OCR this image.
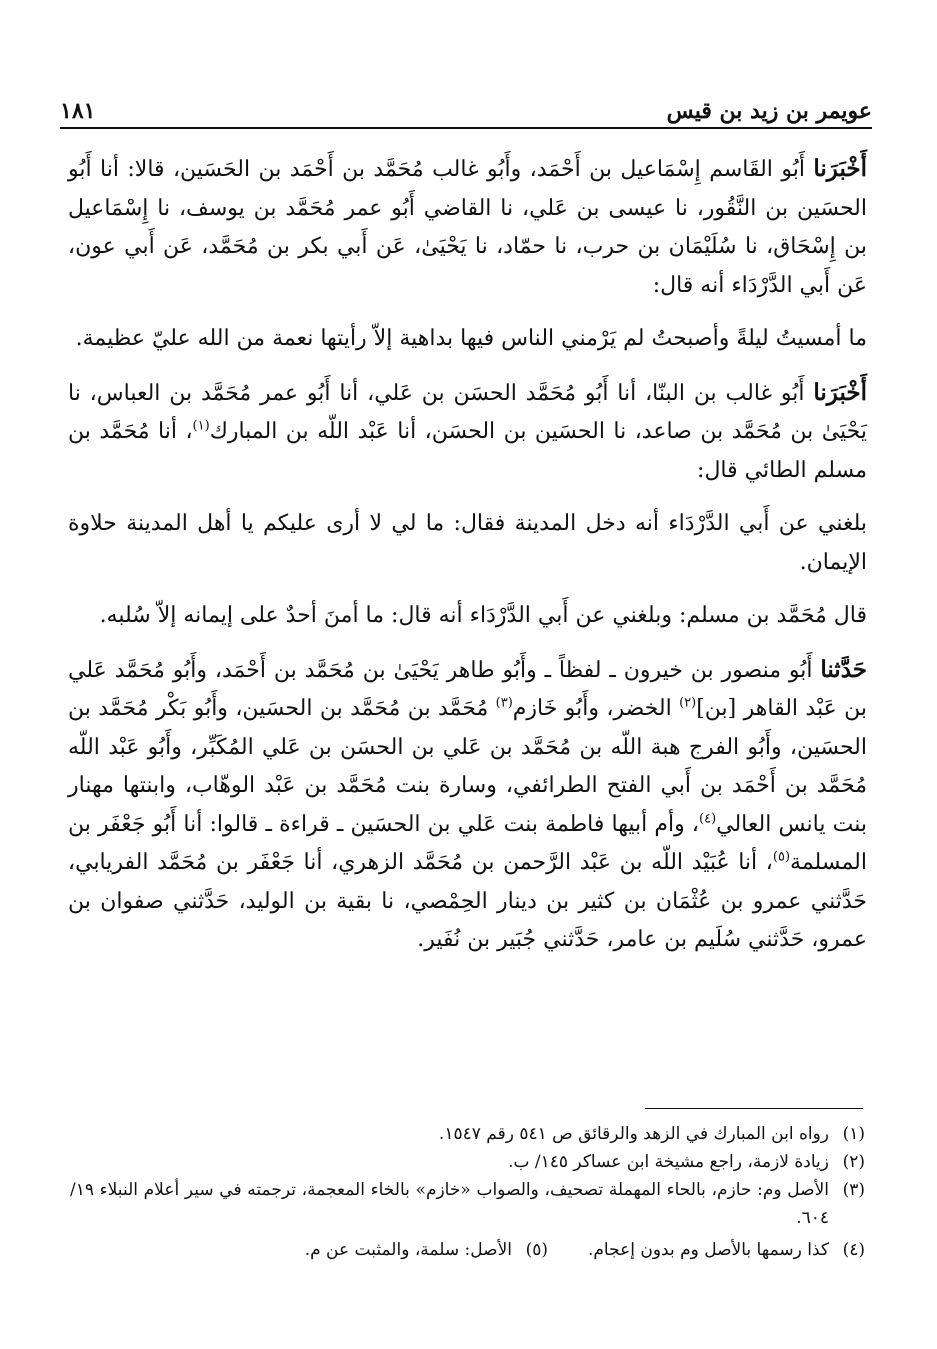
عويمر بن زيد بن قيس
١٨١

أَخْبَرَنا أَبُو القَاسم إِسْمَاعيل بن أَحْمَد، وأَبُو غالب مُحَمَّد بن أَحْمَد بن الحَسَين، قالا: أنا أَبُو الحسَين بن النَّقُور، نا عيسى بن عَلي، نا القاضي أَبُو عمر مُحَمَّد بن يوسف، نا إِسْمَاعيل بن إِسْحَاق، نا سُلَيْمَان بن حرب، نا حمّاد، نا يَحْيَىٰ، عَن أَبي بكر بن مُحَمَّد، عَن أَبي عون، عَن أَبي الدَّرْدَاء أنه قال:

ما أمسيتُ ليلةً وأصبحتُ لم يَرْمني الناس فيها بداهية إلاّ رأيتها نعمة من الله عليّ عظيمة.

أَخْبَرَنا أَبُو غالب بن البنّا، أنا أَبُو مُحَمَّد الحسَن بن عَلي، أنا أَبُو عمر مُحَمَّد بن العباس، نا يَحْيَىٰ بن مُحَمَّد بن صاعد، نا الحسَين بن الحسَن، أنا عَبْد اللّه بن المبارك$^{(١)}$، أنا مُحَمَّد بن مسلم الطائي قال:

بلغني عن أَبي الدَّرْدَاء أنه دخل المدينة فقال: ما لي لا أرى عليكم يا أهل المدينة حلاوة الإيمان.

قال مُحَمَّد بن مسلم: وبلغني عن أَبي الدَّرْدَاء أنه قال: ما أمنَ أحدٌ على إيمانه إلاّ سُلبه.

حَدَّثنا أَبُو منصور بن خيرون ـ لفظاً ـ وأَبُو طاهر يَحْيَىٰ بن مُحَمَّد بن أَحْمَد، وأَبُو مُحَمَّد عَلي بن عَبْد القاهر [بن]$^{(٢)}$ الخضر، وأَبُو خَازم$^{(٣)}$ مُحَمَّد بن مُحَمَّد بن الحسَين، وأَبُو بَكْر مُحَمَّد بن الحسَين، وأَبُو الفرج هبة اللّه بن مُحَمَّد بن عَلي بن الحسَن بن عَلي المُكَبِّر، وأَبُو عَبْد اللّه مُحَمَّد بن أَحْمَد بن أَبي الفتح الطرائفي، وسارة بنت مُحَمَّد بن عَبْد الوهّاب، وابنتها مهنار بنت يانس العالي$^{(٤)}$، وأم أبيها فاطمة بنت عَلي بن الحسَين ـ قراءة ـ قالوا: أنا أَبُو جَعْفَر بن المسلمة$^{(٥)}$، أنا عُبَيْد اللّه بن عَبْد الرَّحمن بن مُحَمَّد الزهري، أنا جَعْفَر بن مُحَمَّد الفريابي، حَدَّثني عمرو بن عُثْمَان بن كثير بن دينار الحِمْصي، نا بقية بن الوليد، حَدَّثني صفوان بن عمرو، حَدَّثني سُلَيم بن عامر، حَدَّثني جُبَير بن نُفَير.

(١)
رواه ابن المبارك في الزهد والرقائق ص ٥٤١ رقم ١٥٤٧.
(٢)
زيادة لازمة، راجع مشيخة ابن عساكر ١٤٥/ ب.
(٣)
الأصل وم: حازم، بالحاء المهملة تصحيف، والصواب «خازم» بالخاء المعجمة، ترجمته في سير أعلام النبلاء ١٩/ ٦٠٤.
(٤)
كذا رسمها بالأصل وم بدون إعجام.
(٥)
الأصل: سلمة، والمثبت عن م.
